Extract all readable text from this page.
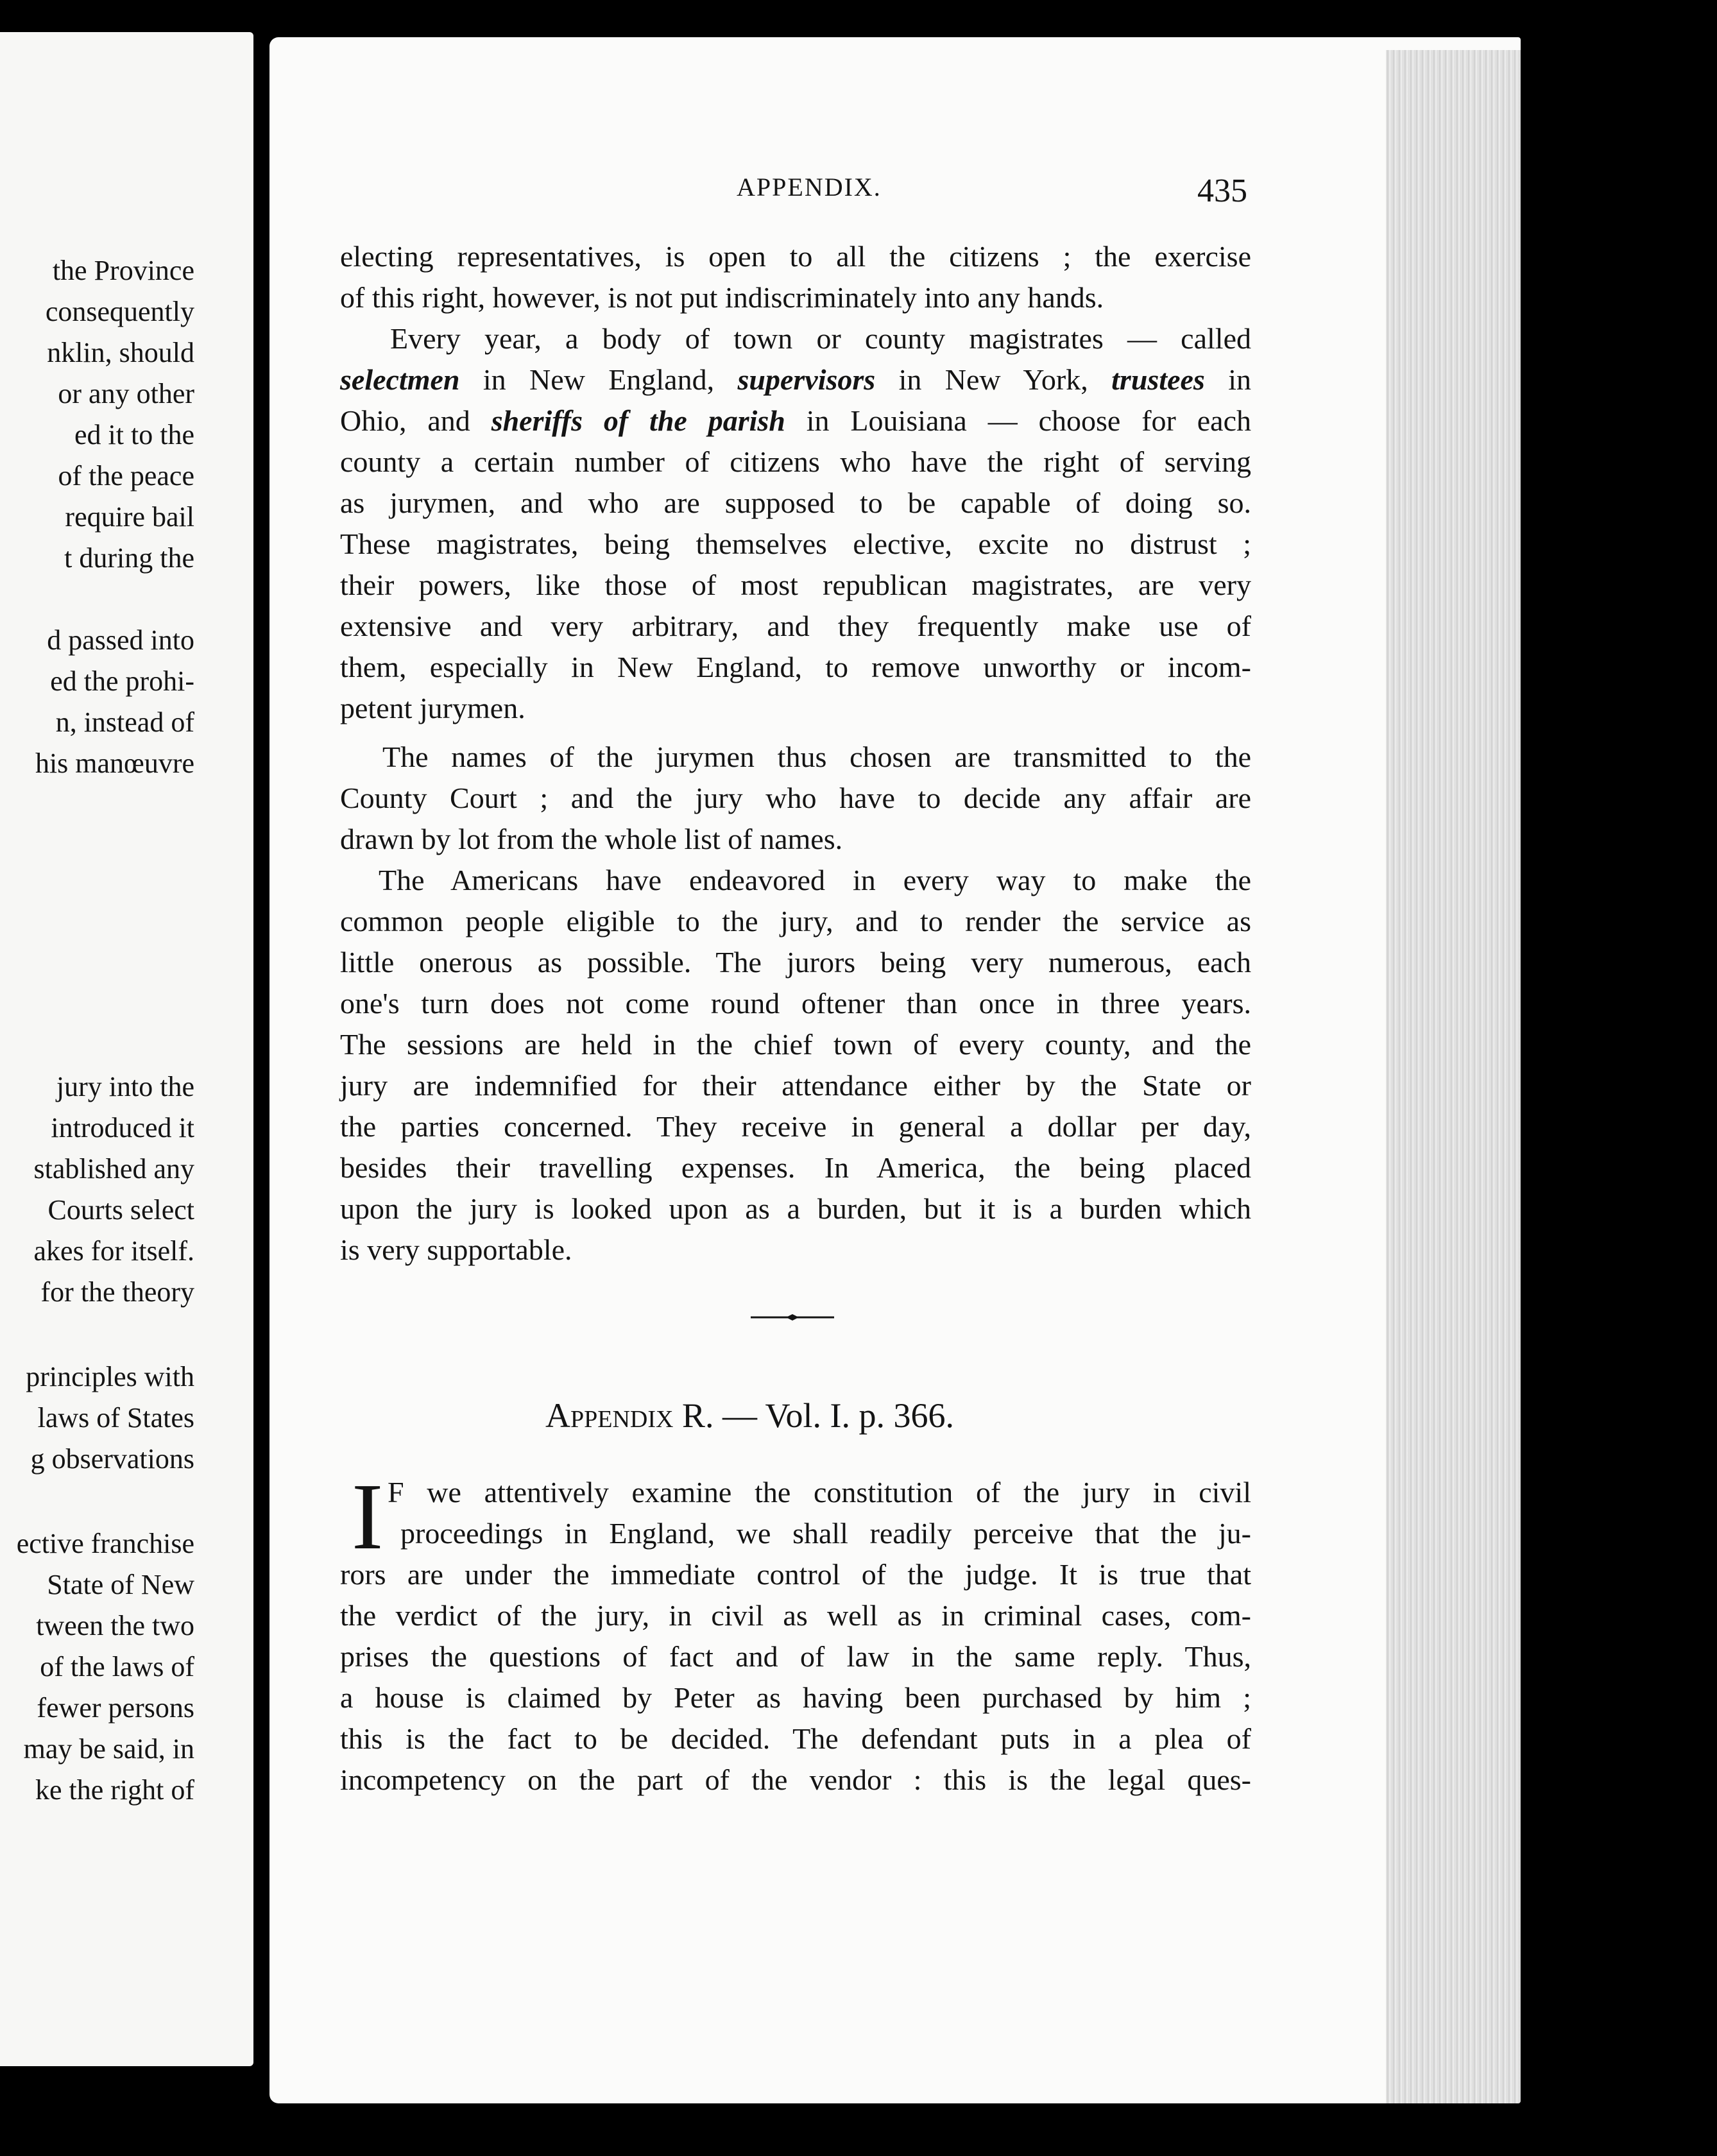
the Province
consequently
nklin, should
or any other
ed it to the
of the peace
require bail
t during the
d passed into
ed the prohi-
n, instead of
his manœuvre
jury into the
introduced it
stablished any
Courts select
akes for itself.
for the theory
principles with
laws of States
g observations
ective franchise
State of New
tween the two
of the laws of
fewer persons
may be said, in
ke the right of
APPENDIX.	435
electing representatives, is open to all the citizens ; the exercise
of this right, however, is not put indiscriminately into any hands.
Every year, a body of town or county magistrates — called
selectmen in New England, supervisors in New York, trustees in
Ohio, and sheriffs of the parish in Louisiana — choose for each
county a certain number of citizens who have the right of serving
as jurymen, and who are supposed to be capable of doing so.
These magistrates, being themselves elective, excite no distrust ;
their powers, like those of most republican magistrates, are very
extensive and very arbitrary, and they frequently make use of
them, especially in New England, to remove unworthy or incom-
petent jurymen.
The names of the jurymen thus chosen are transmitted to the
County Court ; and the jury who have to decide any affair are
drawn by lot from the whole list of names.
The Americans have endeavored in every way to make the
common people eligible to the jury, and to render the service as
little onerous as possible. The jurors being very numerous, each
one's turn does not come round oftener than once in three years.
The sessions are held in the chief town of every county, and the
jury are indemnified for their attendance either by the State or
the parties concerned. They receive in general a dollar per day,
besides their travelling expenses. In America, the being placed
upon the jury is looked upon as a burden, but it is a burden which
is very supportable.
Appendix R. — Vol. I. p. 366.
I F we attentively examine the constitution of the jury in civil
proceedings in England, we shall readily perceive that the ju-
rors are under the immediate control of the judge. It is true that
the verdict of the jury, in civil as well as in criminal cases, com-
prises the questions of fact and of law in the same reply. Thus,
a house is claimed by Peter as having been purchased by him ;
this is the fact to be decided. The defendant puts in a plea of
incompetency on the part of the vendor : this is the legal ques-
